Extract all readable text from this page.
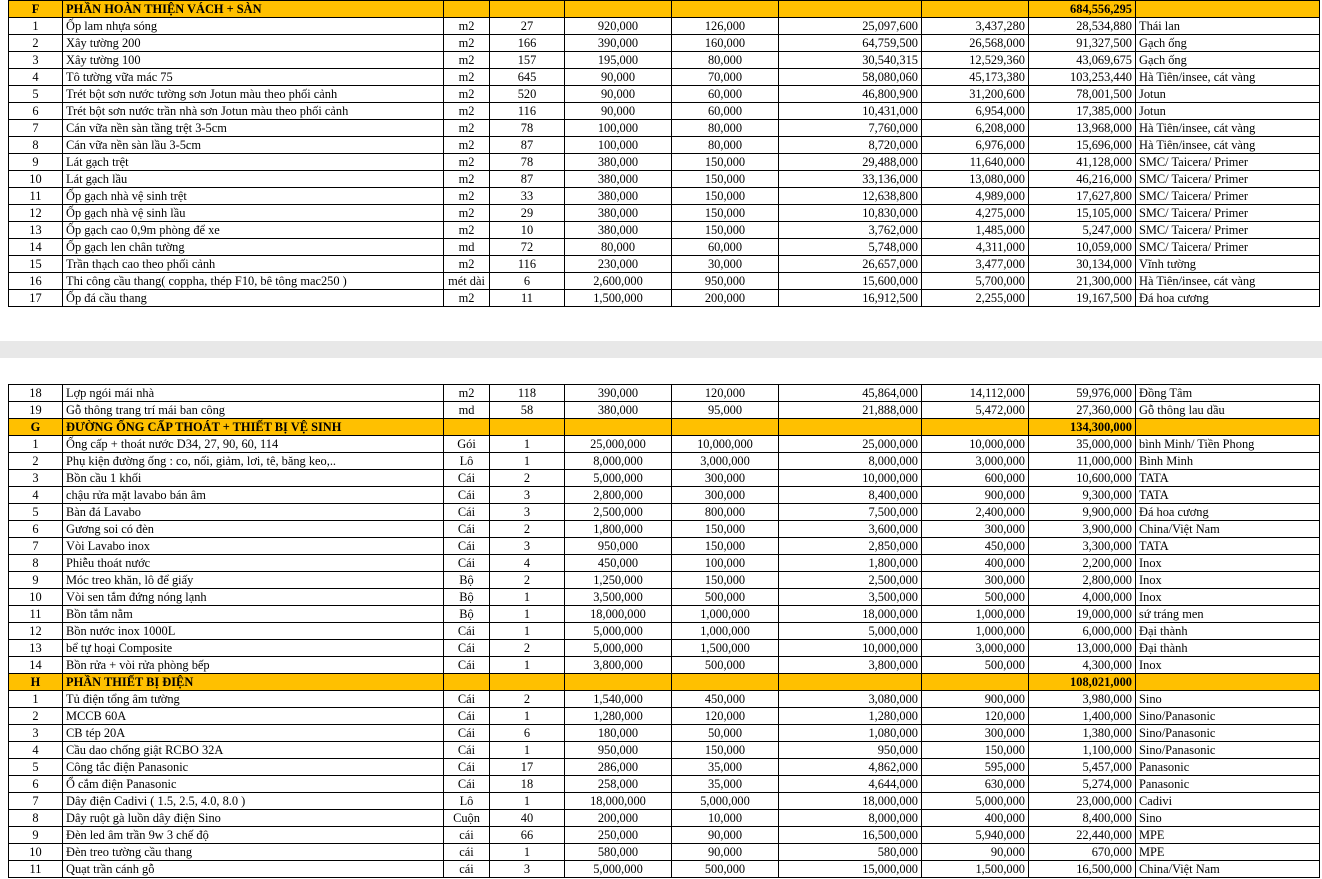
F	PHẦN HOÀN THIỆN VÁCH + SÀN							684,556,295	
1	Ốp lam nhựa sóng	m2	27	920,000	126,000	25,097,600	3,437,280	28,534,880	Thái lan
2	Xây tường 200	m2	166	390,000	160,000	64,759,500	26,568,000	91,327,500	Gạch ống
3	Xây tường 100	m2	157	195,000	80,000	30,540,315	12,529,360	43,069,675	Gạch ống
4	Tô tường vữa mác 75	m2	645	90,000	70,000	58,080,060	45,173,380	103,253,440	Hà Tiên/insee, cát vàng
5	Trét bột sơn nước tường sơn Jotun màu theo phối cảnh	m2	520	90,000	60,000	46,800,900	31,200,600	78,001,500	Jotun
6	Trét bột sơn nước trần nhà sơn Jotun màu theo phối cảnh	m2	116	90,000	60,000	10,431,000	6,954,000	17,385,000	Jotun
7	Cán vữa nền sàn tầng trệt 3-5cm	m2	78	100,000	80,000	7,760,000	6,208,000	13,968,000	Hà Tiên/insee, cát vàng
8	Cán vữa nền sàn lầu 3-5cm	m2	87	100,000	80,000	8,720,000	6,976,000	15,696,000	Hà Tiên/insee, cát vàng
9	Lát gạch trệt	m2	78	380,000	150,000	29,488,000	11,640,000	41,128,000	SMC/ Taicera/ Primer
10	Lát gạch lầu	m2	87	380,000	150,000	33,136,000	13,080,000	46,216,000	SMC/ Taicera/ Primer
11	Ốp gạch nhà vệ sinh trệt	m2	33	380,000	150,000	12,638,800	4,989,000	17,627,800	SMC/ Taicera/ Primer
12	Ốp gạch nhà vệ sinh lầu	m2	29	380,000	150,000	10,830,000	4,275,000	15,105,000	SMC/ Taicera/ Primer
13	Ốp gạch cao 0,9m phòng để xe	m2	10	380,000	150,000	3,762,000	1,485,000	5,247,000	SMC/ Taicera/ Primer
14	Ốp gạch len chân tường	md	72	80,000	60,000	5,748,000	4,311,000	10,059,000	SMC/ Taicera/ Primer
15	Trần thạch cao theo phối cảnh	m2	116	230,000	30,000	26,657,000	3,477,000	30,134,000	Vĩnh tường
16	Thi công cầu thang( coppha, thép F10, bê tông mac250 )	mét dài	6	2,600,000	950,000	15,600,000	5,700,000	21,300,000	Hà Tiên/insee, cát vàng
17	Ốp đá cầu thang	m2	11	1,500,000	200,000	16,912,500	2,255,000	19,167,500	Đá hoa cương
18	Lợp ngói mái nhà	m2	118	390,000	120,000	45,864,000	14,112,000	59,976,000	Đồng Tâm
19	Gỗ thông trang trí mái ban công	md	58	380,000	95,000	21,888,000	5,472,000	27,360,000	Gỗ thông lau dầu
G	ĐƯỜNG ỐNG CẤP THOÁT + THIẾT BỊ VỆ SINH							134,300,000	
1	Ống cấp + thoát nước D34, 27, 90, 60, 114	Gói	1	25,000,000	10,000,000	25,000,000	10,000,000	35,000,000	bình Minh/ Tiền Phong
2	Phụ kiện đường ống : co, nối, giảm, lơi, tê, băng keo,..	Lô	1	8,000,000	3,000,000	8,000,000	3,000,000	11,000,000	Bình Minh
3	Bồn cầu 1 khối	Cái	2	5,000,000	300,000	10,000,000	600,000	10,600,000	TATA
4	chậu rửa mặt lavabo bán âm	Cái	3	2,800,000	300,000	8,400,000	900,000	9,300,000	TATA
5	Bàn đá Lavabo	Cái	3	2,500,000	800,000	7,500,000	2,400,000	9,900,000	Đá hoa cương
6	Gương soi có đèn	Cái	2	1,800,000	150,000	3,600,000	300,000	3,900,000	China/Việt Nam
7	Vòi Lavabo inox	Cái	3	950,000	150,000	2,850,000	450,000	3,300,000	TATA
8	Phiễu thoát nước	Cái	4	450,000	100,000	1,800,000	400,000	2,200,000	Inox
9	Móc treo khăn, lô để giấy	Bộ	2	1,250,000	150,000	2,500,000	300,000	2,800,000	Inox
10	Vòi sen tắm đứng nóng lạnh	Bộ	1	3,500,000	500,000	3,500,000	500,000	4,000,000	Inox
11	Bồn tắm nằm	Bộ	1	18,000,000	1,000,000	18,000,000	1,000,000	19,000,000	sứ tráng men
12	Bồn nước inox 1000L	Cái	1	5,000,000	1,000,000	5,000,000	1,000,000	6,000,000	Đại thành
13	bể tự hoại Composite	Cái	2	5,000,000	1,500,000	10,000,000	3,000,000	13,000,000	Đại thành
14	Bồn rửa + vòi rửa phòng bếp	Cái	1	3,800,000	500,000	3,800,000	500,000	4,300,000	Inox
H	PHẦN THIẾT BỊ ĐIỆN							108,021,000	
1	Tủ điện tổng âm tường	Cái	2	1,540,000	450,000	3,080,000	900,000	3,980,000	Sino
2	MCCB 60A	Cái	1	1,280,000	120,000	1,280,000	120,000	1,400,000	Sino/Panasonic
3	CB tép 20A	Cái	6	180,000	50,000	1,080,000	300,000	1,380,000	Sino/Panasonic
4	Cầu dao chống giật RCBO 32A	Cái	1	950,000	150,000	950,000	150,000	1,100,000	Sino/Panasonic
5	Công tắc điện Panasonic	Cái	17	286,000	35,000	4,862,000	595,000	5,457,000	Panasonic
6	Ổ cắm điện Panasonic	Cái	18	258,000	35,000	4,644,000	630,000	5,274,000	Panasonic
7	Dây điện Cadivi ( 1.5, 2.5, 4.0, 8.0 )	Lô	1	18,000,000	5,000,000	18,000,000	5,000,000	23,000,000	Cadivi
8	Dây ruột gà luồn dây điện Sino	Cuộn	40	200,000	10,000	8,000,000	400,000	8,400,000	Sino
9	Đèn led âm trần 9w 3 chế độ	cái	66	250,000	90,000	16,500,000	5,940,000	22,440,000	MPE
10	Đèn treo tường cầu thang	cái	1	580,000	90,000	580,000	90,000	670,000	MPE
11	Quạt trần cánh gỗ	cái	3	5,000,000	500,000	15,000,000	1,500,000	16,500,000	China/Việt Nam
